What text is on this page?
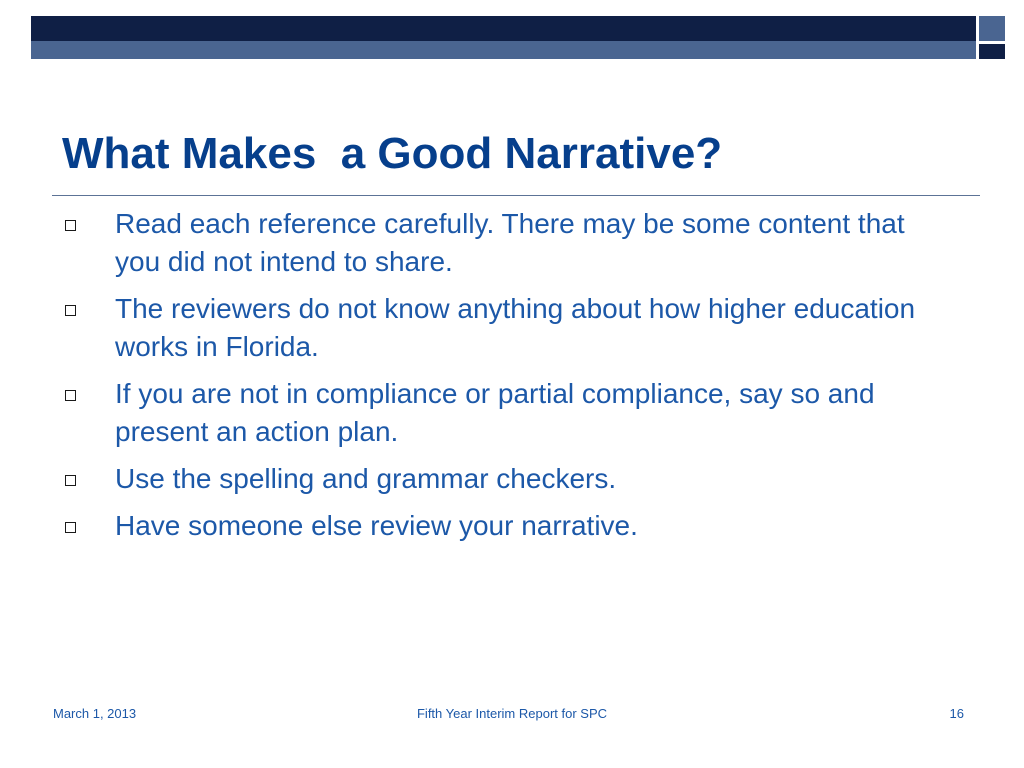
What Makes  a Good Narrative?
Read each reference carefully. There may be some content that you did not intend to share.
The reviewers do not know anything about how higher education works in Florida.
If you are not in compliance or partial compliance, say so and present an action plan.
Use the spelling and grammar checkers.
Have someone else review your narrative.
March 1, 2013	Fifth Year Interim Report for SPC	16
